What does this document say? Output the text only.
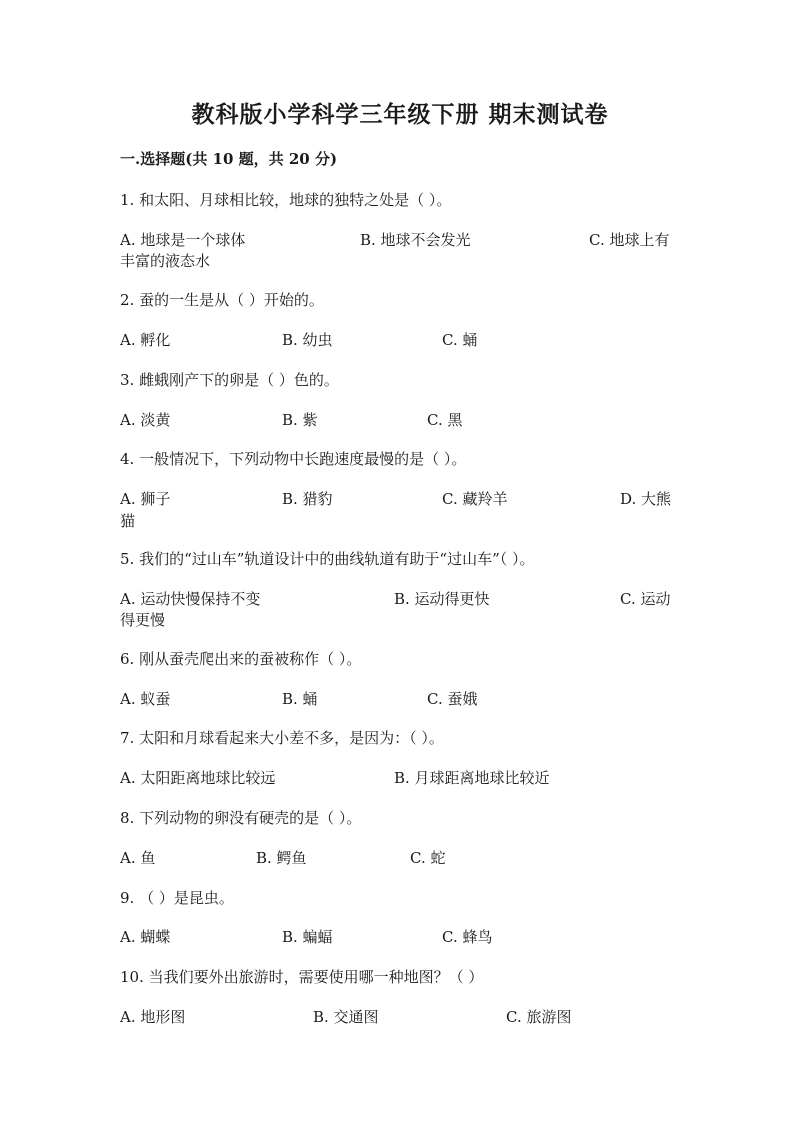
教科版小学科学三年级下册 期末测试卷
一.选择题(共 10 题，共 20 分)
1. 和太阳、月球相比较，地球的独特之处是（ ）。
A. 地球是一个球体	B. 地球不会发光	C. 地球上有
丰富的液态水
2. 蚕的一生是从（ ）开始的。
A. 孵化	B. 幼虫	C. 蛹
3. 雌蛾刚产下的卵是（ ）色的。
A. 淡黄	B. 紫	C. 黑
4. 一般情况下，下列动物中长跑速度最慢的是（ ）。
A. 狮子	B. 猎豹	C. 藏羚羊	D. 大熊
猫
5. 我们的“过山车”轨道设计中的曲线轨道有助于“过山车”（ ）。
A. 运动快慢保持不变	B. 运动得更快	C. 运动
得更慢
6. 刚从蚕壳爬出来的蚕被称作（ ）。
A. 蚁蚕	B. 蛹	C. 蚕娥
7. 太阳和月球看起来大小差不多，是因为：（ ）。
A. 太阳距离地球比较远	B. 月球距离地球比较近
8. 下列动物的卵没有硬壳的是（ ）。
A. 鱼	B. 鳄鱼	C. 蛇
9. （ ）是昆虫。
A. 蝴蝶	B. 蝙蝠	C. 蜂鸟
10. 当我们要外出旅游时，需要使用哪一种地图？（ ）
A. 地形图	B. 交通图	C. 旅游图
